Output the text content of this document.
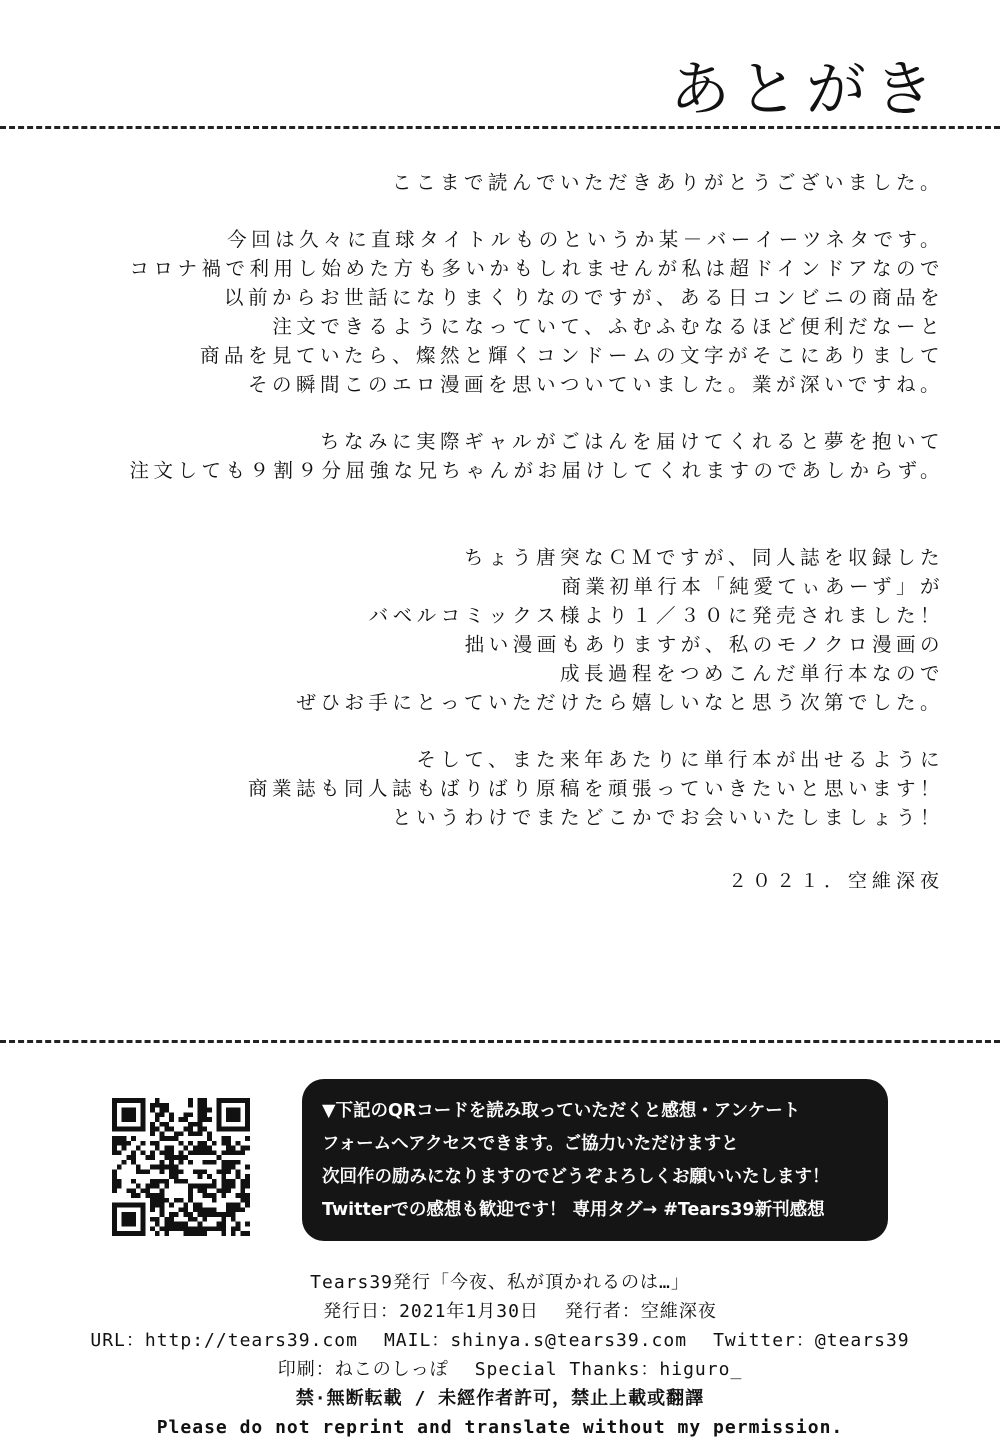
あとがき
ここまで読んでいただきありがとうございました。
今回は久々に直球タイトルものというか某－バーイーツネタです。
コロナ禍で利用し始めた方も多いかもしれませんが私は超ドインドアなので
以前からお世話になりまくりなのですが、ある日コンビニの商品を
注文できるようになっていて、ふむふむなるほど便利だなーと
商品を見ていたら、燦然と輝くコンドームの文字がそこにありまして
その瞬間このエロ漫画を思いついていました。業が深いですね。
ちなみに実際ギャルがごはんを届けてくれると夢を抱いて
注文しても９割９分屈強な兄ちゃんがお届けしてくれますのであしからず。
ちょう唐突なＣＭですが、同人誌を収録した
商業初単行本「純愛てぃあーず」が
バベルコミックス様より１／３０に発売されました！
拙い漫画もありますが、私のモノクロ漫画の
成長過程をつめこんだ単行本なので
ぜひお手にとっていただけたら嬉しいなと思う次第でした。
そして、また来年あたりに単行本が出せるように
商業誌も同人誌もばりばり原稿を頑張っていきたいと思います！
というわけでまたどこかでお会いいたしましょう！
２０２１．空維深夜
▼下記のQRコードを読み取っていただくと感想・アンケート
フォームへアクセスできます。ご協力いただけますと
次回作の励みになりますのでどうぞよろしくお願いいたします！
Twitterでの感想も歓迎です！ 専用タグ→ #Tears39新刊感想
Tears39発行「今夜、私が頂かれるのは…」
発行日：2021年1月30日 発行者：空維深夜
URL：http://tears39.com MAIL：shinya.s@tears39.com Twitter：@tears39
印刷：ねこのしっぽ Special Thanks：higuro_
禁·無断転載 / 未經作者許可，禁止上載或翻譯
Please do not reprint and translate without my permission.
